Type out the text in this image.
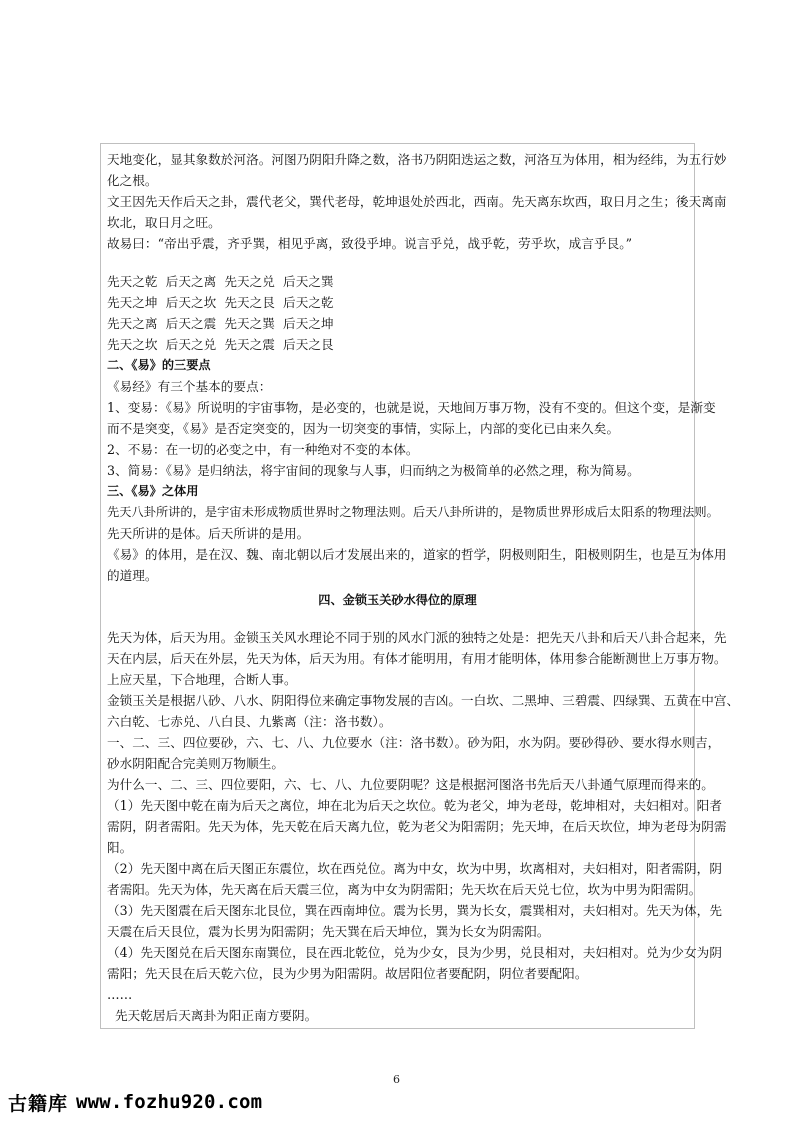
天地变化，显其象数於河洛。河图乃阴阳升降之数，洛书乃阴阳迭运之数，河洛互为体用，相为经纬，为五行妙
化之根。
文王因先天作后天之卦，震代老父，巽代老母，乾坤退处於西北，西南。先天离东坎西，取日月之生；後天离南
坎北，取日月之旺。
故易曰：“帝出乎震，齐乎巽，相见乎离，致役乎坤。说言乎兑，战乎乾，劳乎坎，成言乎艮。”
先天之乾  后天之离  先天之兑  后天之巽
先天之坤  后天之坎  先天之艮  后天之乾
先天之离  后天之震  先天之巽  后天之坤
先天之坎  后天之兑  先天之震  后天之艮
二、《易》的三要点
《易经》有三个基本的要点：
1、变易：《易》所说明的宇宙事物，是必变的，也就是说，天地间万事万物，没有不变的。但这个变，是渐变
而不是突变，《易》是否定突变的，因为一切突变的事情，实际上，内部的变化已由来久矣。
2、不易：在一切的必变之中，有一种绝对不变的本体。
3、简易：《易》是归纳法，将宇宙间的现象与人事，归而纳之为极简单的必然之理，称为简易。
三、《易》之体用
先天八卦所讲的，是宇宙未形成物质世界时之物理法则。后天八卦所讲的，是物质世界形成后太阳系的物理法则。
先天所讲的是体。后天所讲的是用。
《易》的体用，是在汉、魏、南北朝以后才发展出来的，道家的哲学，阴极则阳生，阳极则阴生，也是互为体用
的道理。
四、金锁玉关砂水得位的原理
先天为体，后天为用。金锁玉关风水理论不同于别的风水门派的独特之处是：把先天八卦和后天八卦合起来，先
天在内层，后天在外层，先天为体，后天为用。有体才能明用，有用才能明体，体用参合能断测世上万事万物。
上应天星，下合地理，合断人事。
金锁玉关是根据八砂、八水、阴阳得位来确定事物发展的吉凶。一白坎、二黑坤、三碧震、四绿巽、五黄在中宫、
六白乾、七赤兑、八白艮、九紫离（注：洛书数）。
一、二、三、四位要砂，六、七、八、九位要水（注：洛书数）。砂为阳，水为阴。要砂得砂、要水得水则吉，
砂水阴阳配合完美则万物顺生。
为什么一、二、三、四位要阳，六、七、八、九位要阴呢？这是根据河图洛书先后天八卦通气原理而得来的。
（1）先天图中乾在南为后天之离位，坤在北为后天之坎位。乾为老父，坤为老母，乾坤相对，夫妇相对。阳者
需阴，阴者需阳。先天为体，先天乾在后天离九位，乾为老父为阳需阴；先天坤，在后天坎位，坤为老母为阴需
阳。
（2）先天图中离在后天图正东震位，坎在西兑位。离为中女，坎为中男，坎离相对，夫妇相对，阳者需阴，阴
者需阳。先天为体，先天离在后天震三位，离为中女为阴需阳；先天坎在后天兑七位，坎为中男为阳需阴。
（3）先天图震在后天图东北艮位，巽在西南坤位。震为长男，巽为长女，震巽相对，夫妇相对。先天为体，先
天震在后天艮位，震为长男为阳需阴；先天巽在后天坤位，巽为长女为阴需阳。
（4）先天图兑在后天图东南巽位，艮在西北乾位，兑为少女，艮为少男，兑艮相对，夫妇相对。兑为少女为阴
需阳；先天艮在后天乾六位，艮为少男为阳需阴。故居阳位者要配阴，阴位者要配阳。
……
先天乾居后天离卦为阳正南方要阴。
6
古籍库 www.fozhu920.com
